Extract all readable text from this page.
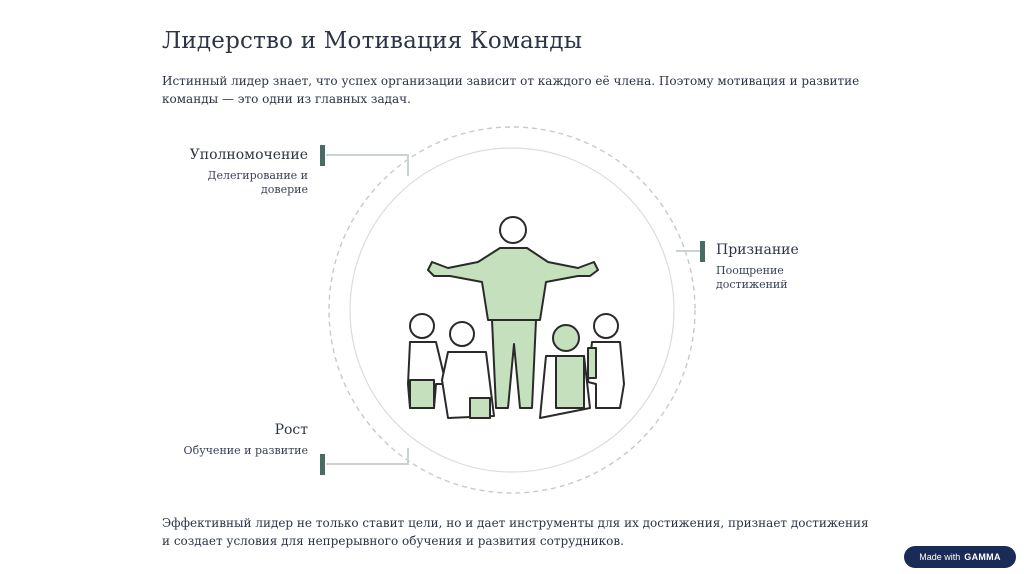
Лидерство и Мотивация Команды

Истинный лидер знает, что успех организации зависит от каждого её члена. Поэтому мотивация и развитие команды — это одни из главных задач.

Уполномочение
Делегирование и доверие
Признание
Поощрение достижений
Рост
Обучение и развитие

Эффективный лидер не только ставит цели, но и дает инструменты для их достижения, признает достижения и создает условия для непрерывного обучения и развития сотрудников.

Made with GAMMA
